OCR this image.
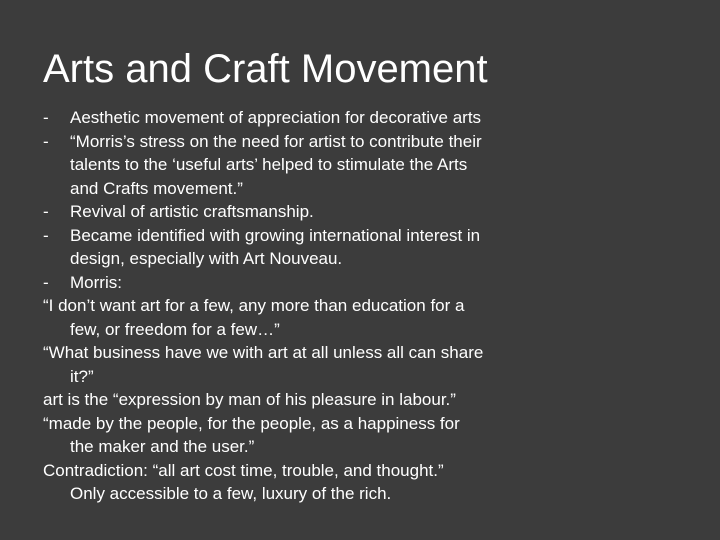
Arts and Craft Movement
- Aesthetic movement of appreciation for decorative arts
- “Morris’s stress on the need for artist to contribute their
talents to the ‘useful arts’ helped to stimulate the Arts
and Crafts movement.”
- Revival of artistic craftsmanship.
- Became identified with growing international interest in
design, especially with Art Nouveau.
- Morris:
“I don’t want art for a few, any more than education for a
few, or freedom for a few…”
“What business have we with art at all unless all can share
it?”
art is the “expression by man of his pleasure in labour.”
“made by the people, for the people, as a happiness for
the maker and the user.”
Contradiction: “all art cost time, trouble, and thought.”
Only accessible to a few, luxury of the rich.
